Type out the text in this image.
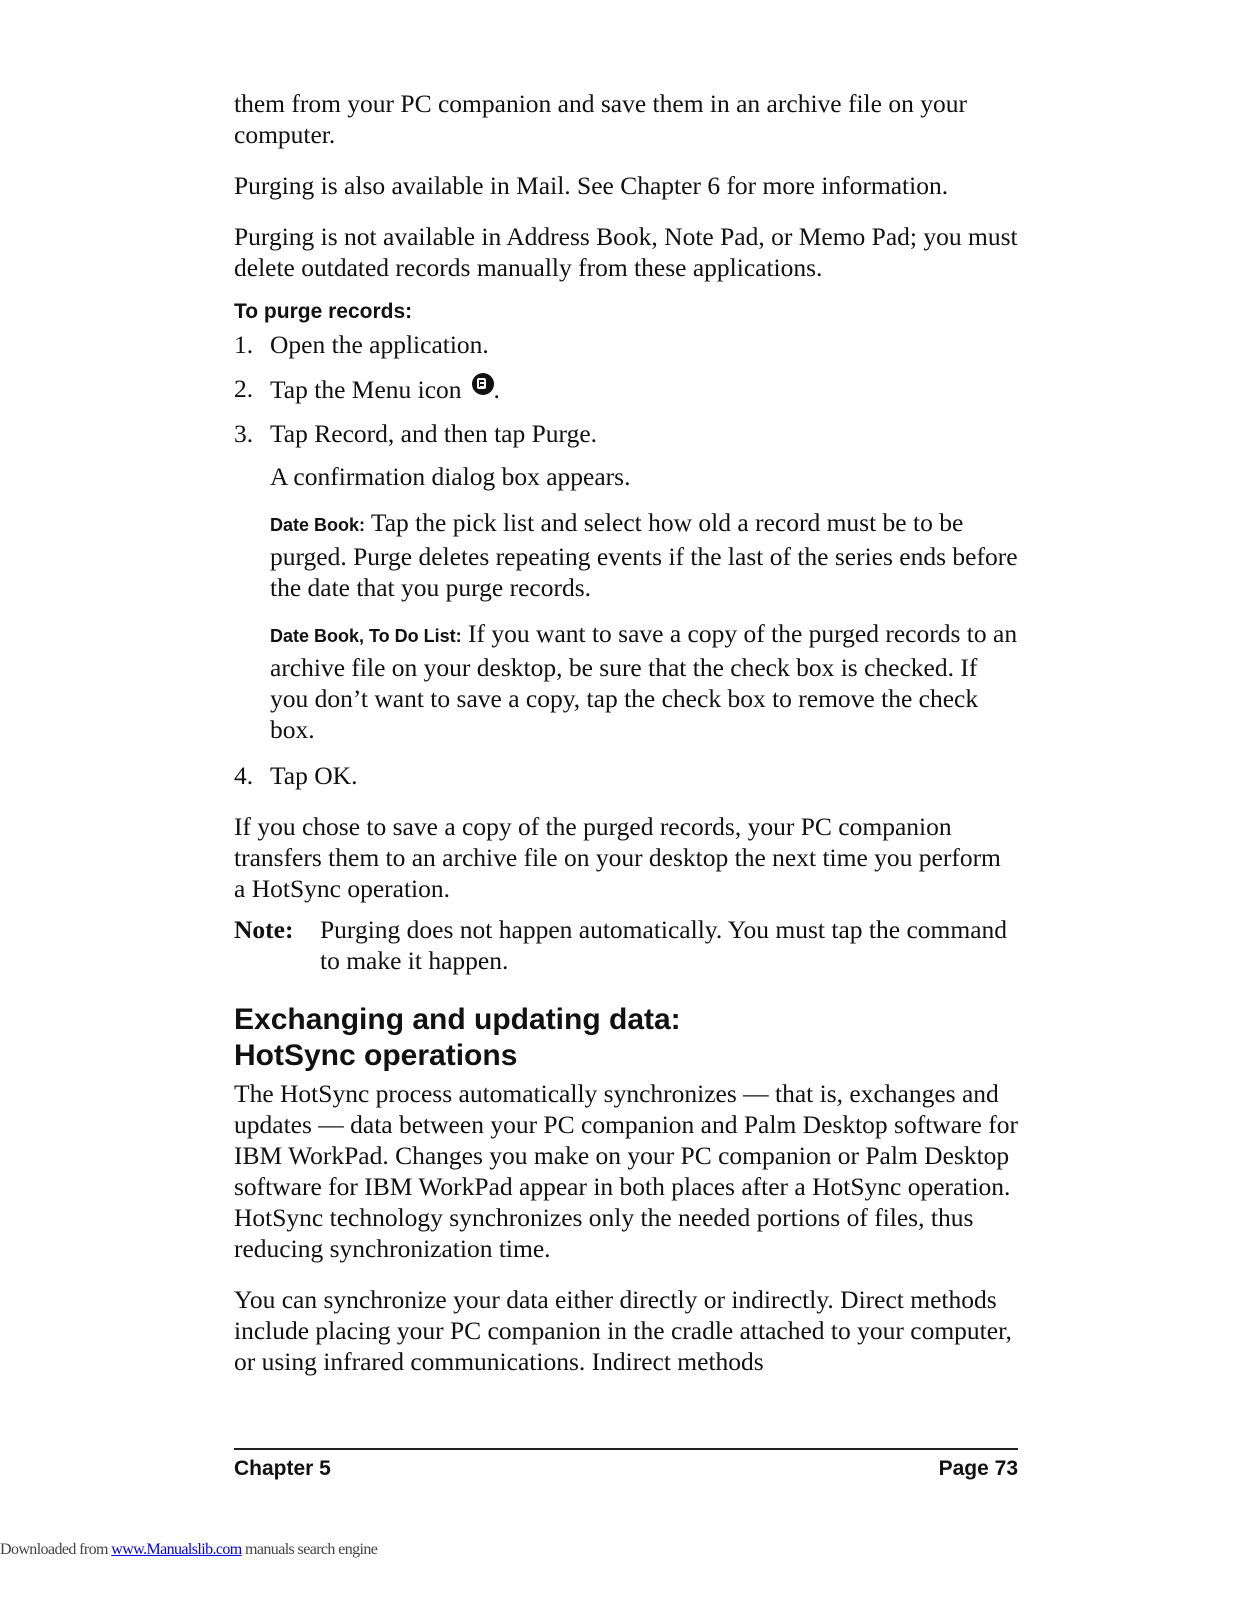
them from your PC companion and save them in an archive file on your computer.

Purging is also available in Mail. See Chapter 6 for more information.

Purging is not available in Address Book, Note Pad, or Memo Pad; you must delete outdated records manually from these applications.

To purge records:
1. Open the application.
2. Tap the Menu icon .
3. Tap Record, and then tap Purge.

A confirmation dialog box appears.

Date Book: Tap the pick list and select how old a record must be to be purged. Purge deletes repeating events if the last of the series ends before the date that you purge records.

Date Book, To Do List: If you want to save a copy of the purged records to an archive file on your desktop, be sure that the check box is checked. If you don’t want to save a copy, tap the check box to remove the check box.

4. Tap OK.

If you chose to save a copy of the purged records, your PC companion transfers them to an archive file on your desktop the next time you perform a HotSync operation.

Note:	Purging does not happen automatically. You must tap the command to make it happen.
Exchanging and updating data:
HotSync operations

The HotSync process automatically synchronizes — that is, exchanges and updates — data between your PC companion and Palm Desktop software for IBM WorkPad. Changes you make on your PC companion or Palm Desktop software for IBM WorkPad appear in both places after a HotSync operation. HotSync technology synchronizes only the needed portions of files, thus reducing synchronization time.

You can synchronize your data either directly or indirectly. Direct methods include placing your PC companion in the cradle attached to your computer, or using infrared communications. Indirect methods

Chapter 5	Page 73
Downloaded from www.Manualslib.com manuals search engine
